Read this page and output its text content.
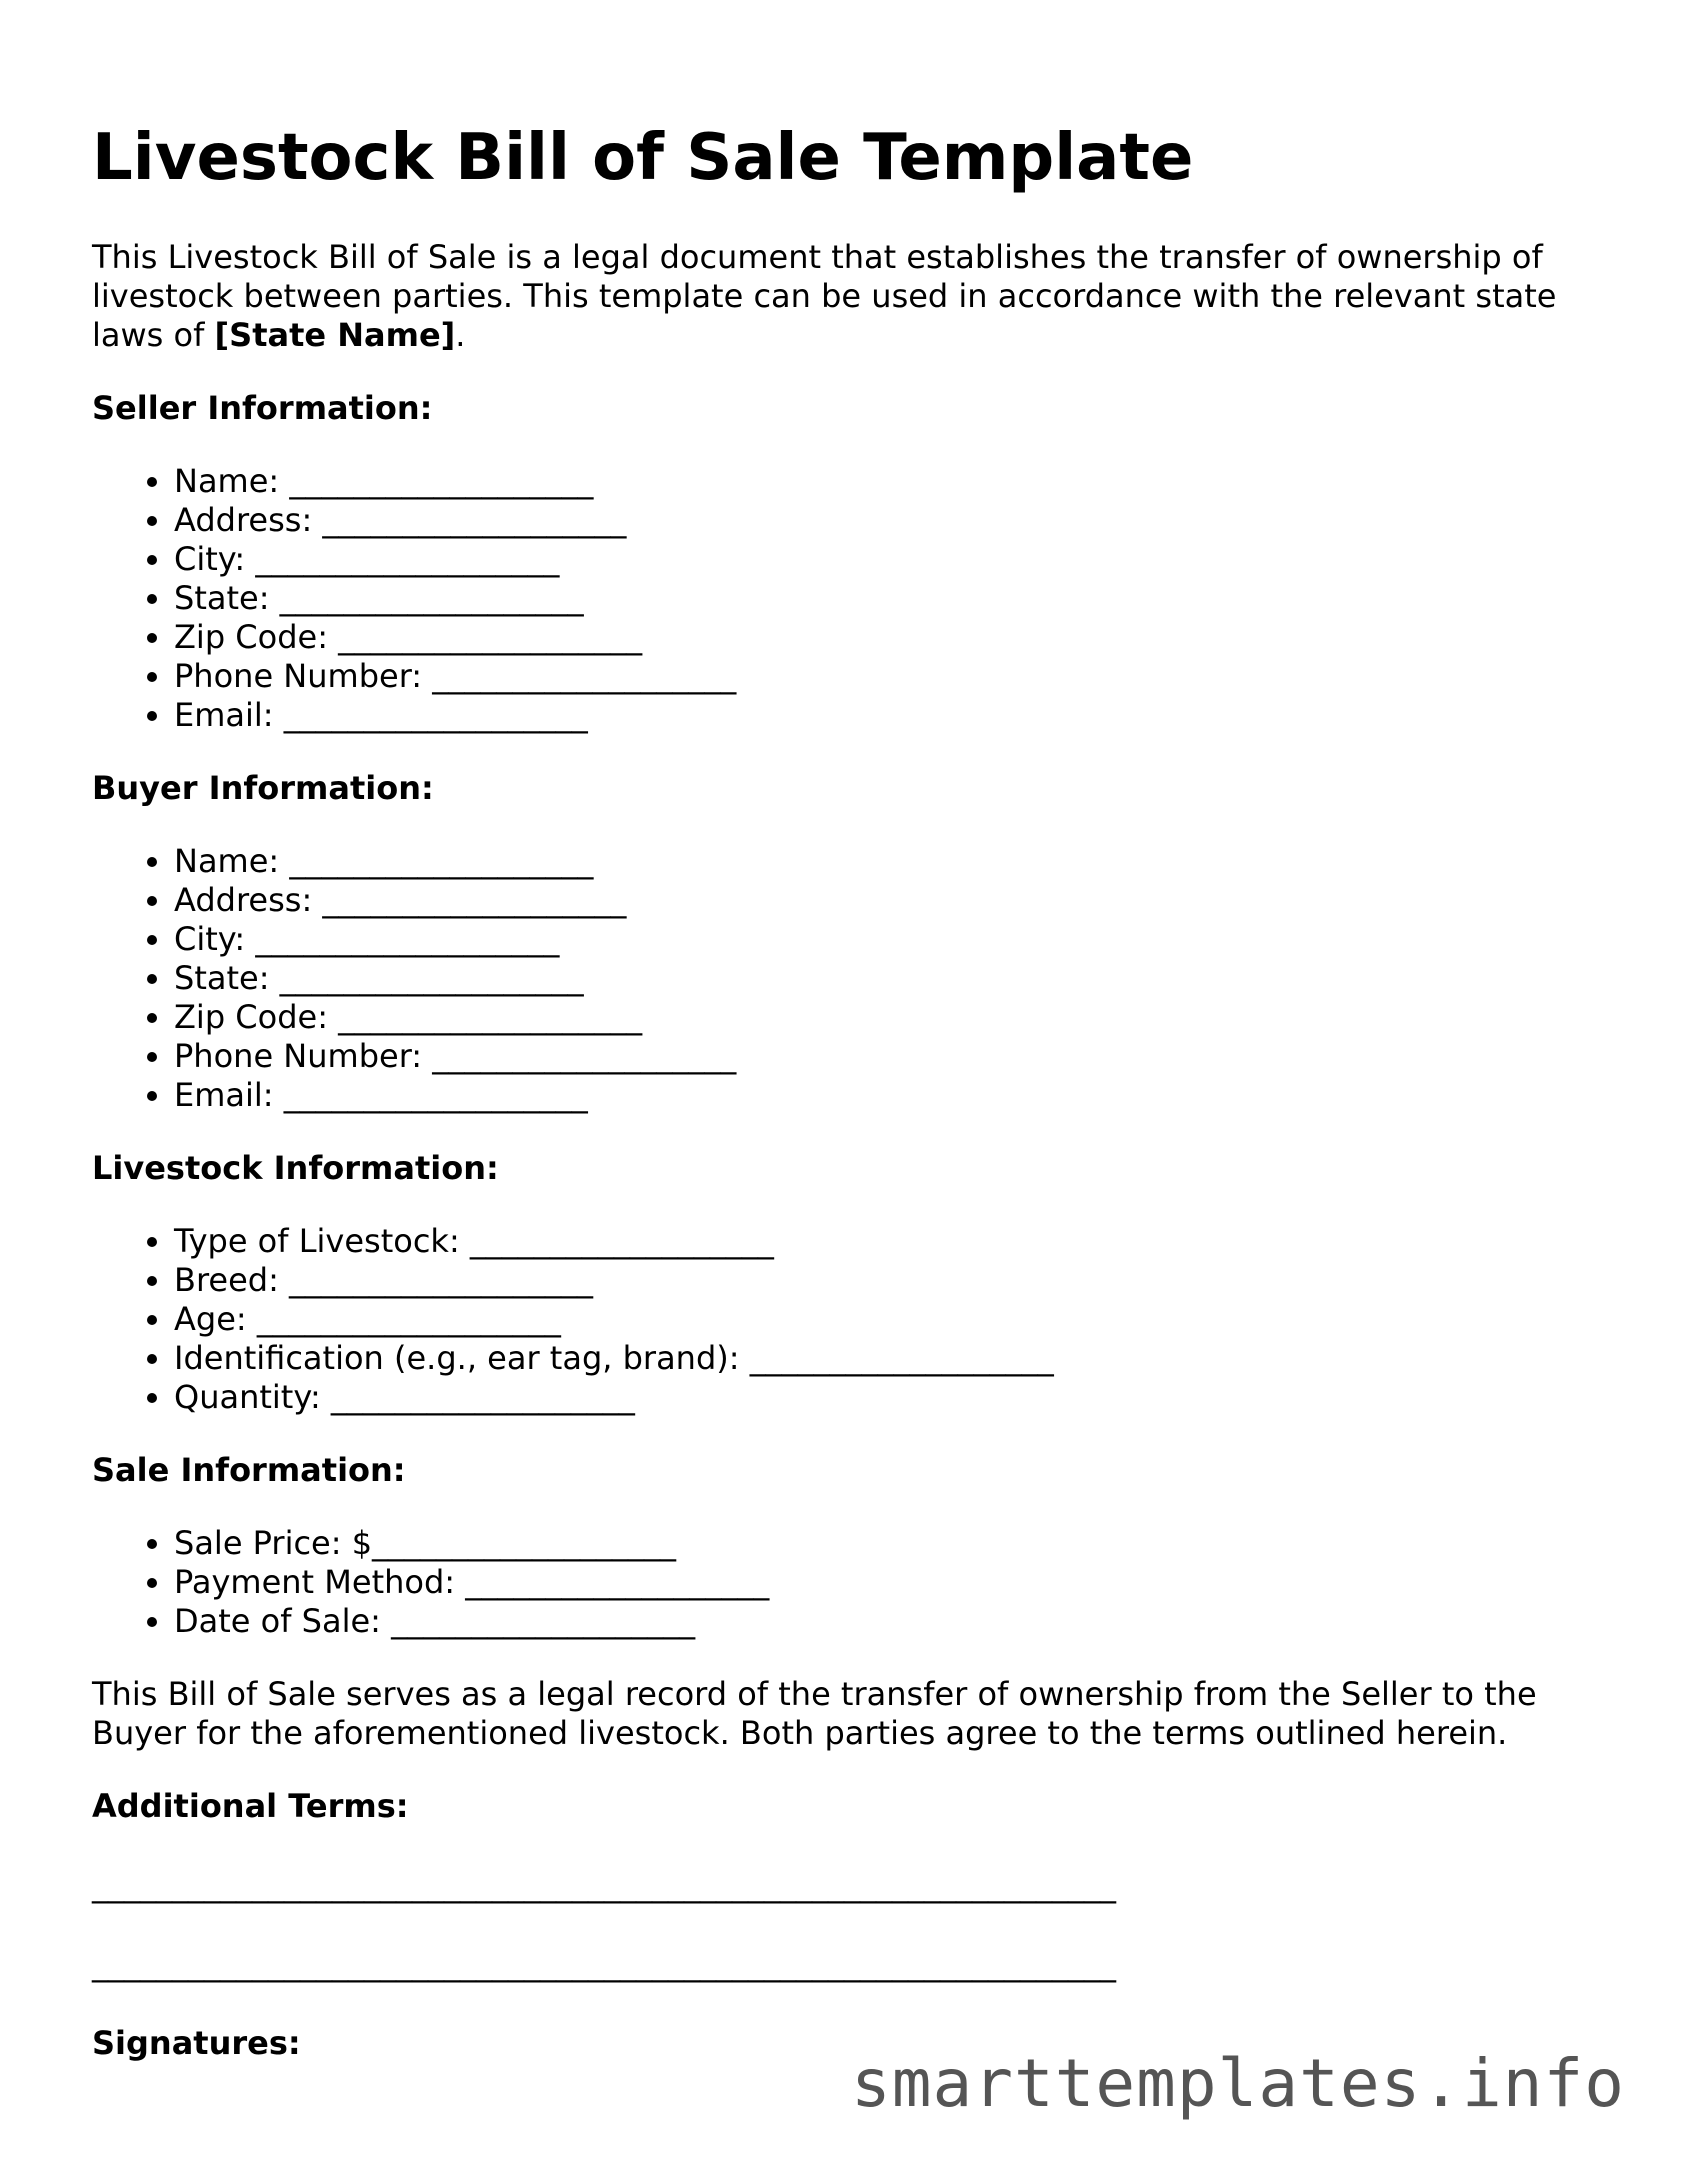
Livestock Bill of Sale Template

This Livestock Bill of Sale is a legal document that establishes the transfer of ownership of livestock between parties. This template can be used in accordance with the relevant state laws of [State Name].

Seller Information:
• Name: ___________________
• Address: ___________________
• City: ___________________
• State: ___________________
• Zip Code: ___________________
• Phone Number: ___________________
• Email: ___________________
Buyer Information:
• Name: ___________________
• Address: ___________________
• City: ___________________
• State: ___________________
• Zip Code: ___________________
• Phone Number: ___________________
• Email: ___________________
Livestock Information:
• Type of Livestock: ___________________
• Breed: ___________________
• Age: ___________________
• Identification (e.g., ear tag, brand): ___________________
• Quantity: ___________________
Sale Information:
• Sale Price: $___________________
• Payment Method: ___________________
• Date of Sale: ___________________

This Bill of Sale serves as a legal record of the transfer of ownership from the Seller to the Buyer for the aforementioned livestock. Both parties agree to the terms outlined herein.

Additional Terms:
________________________________________________________________
________________________________________________________________
Signatures:
smarttemplates.info
